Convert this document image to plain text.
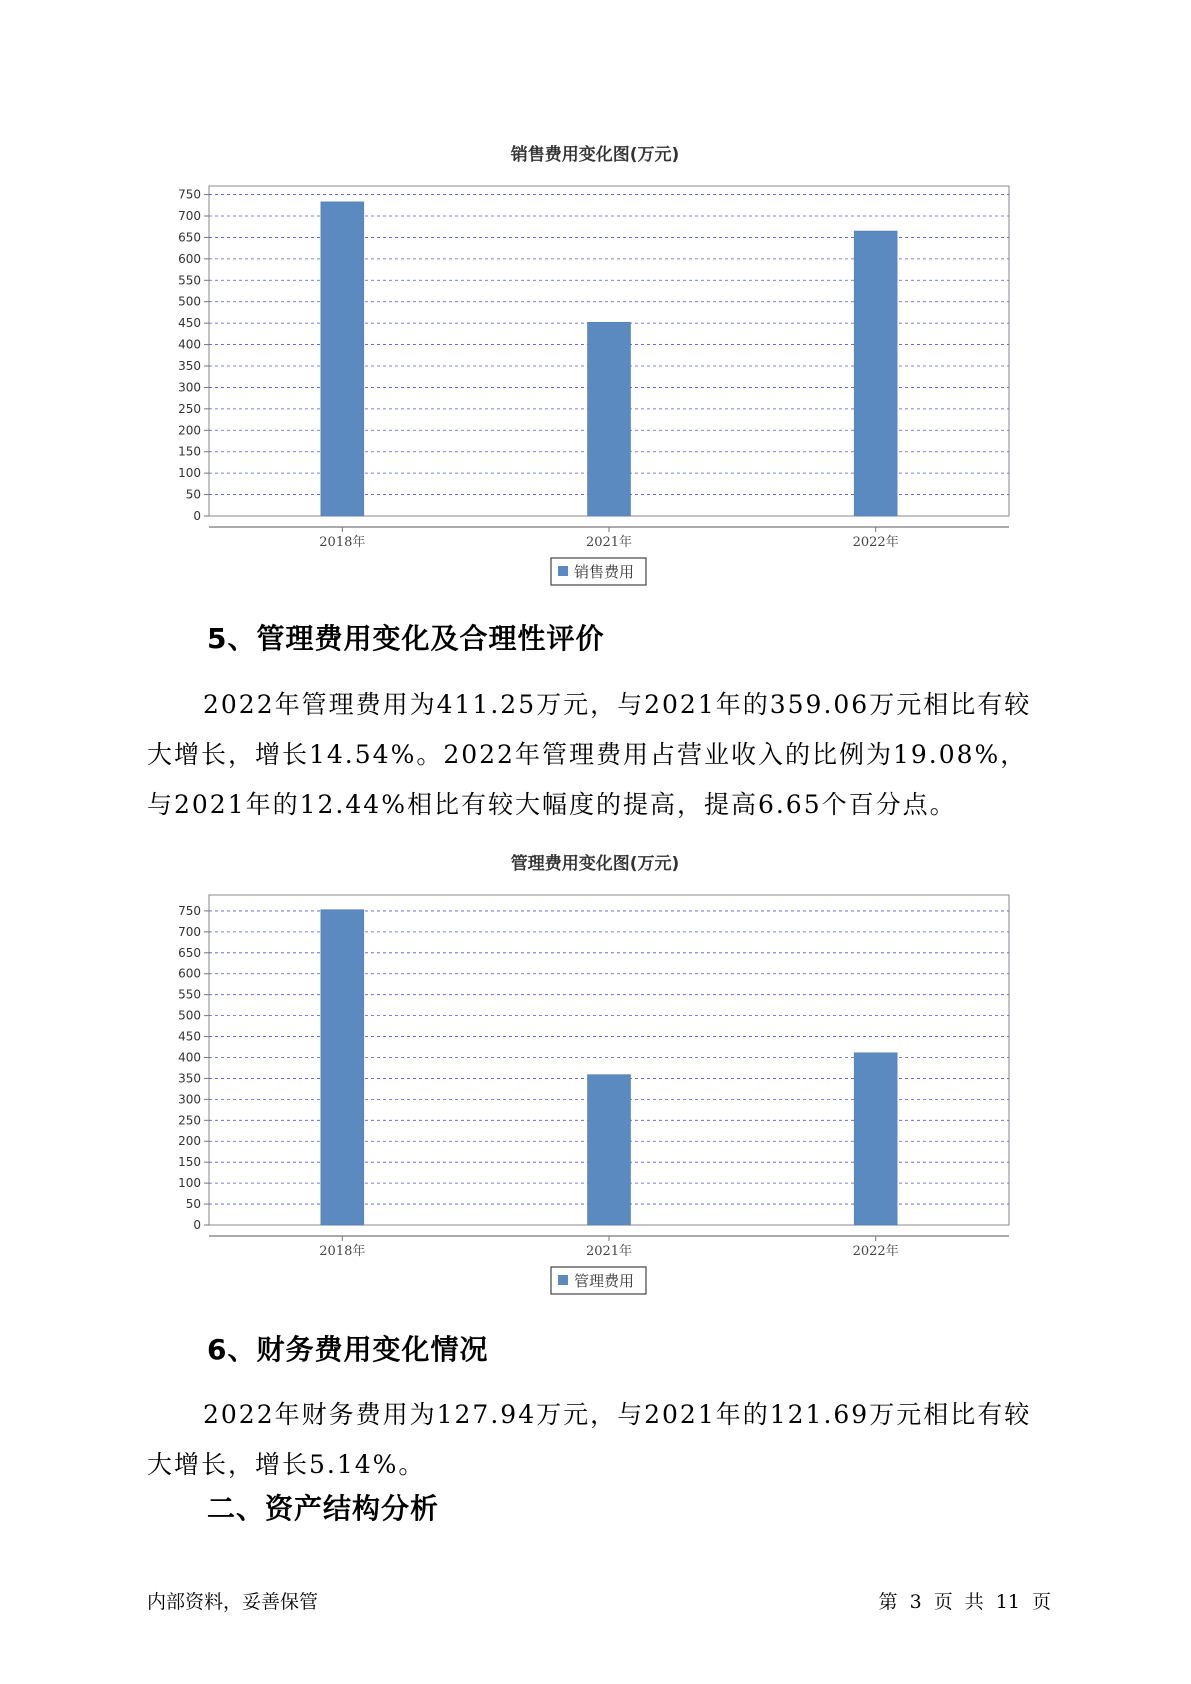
销售费用变化图(万元)
0
50
100
150
200
250
300
350
400
450
500
550
600
650
700
750
2018年	2021年	2022年
销售费用
5、管理费用变化及合理性评价
2022年管理费用为411.25万元，与2021年的359.06万元相比有较大增长，增长14.54%。2022年管理费用占营业收入的比例为19.08%，与2021年的12.44%相比有较大幅度的提高，提高6.65个百分点。
管理费用变化图(万元)
0
50
100
150
200
250
300
350
400
450
500
550
600
650
700
750
2018年	2021年	2022年
管理费用
6、财务费用变化情况
2022年财务费用为127.94万元，与2021年的121.69万元相比有较大增长，增长5.14%。
二、资产结构分析
内部资料，妥善保管	第 3 页 共 11 页
